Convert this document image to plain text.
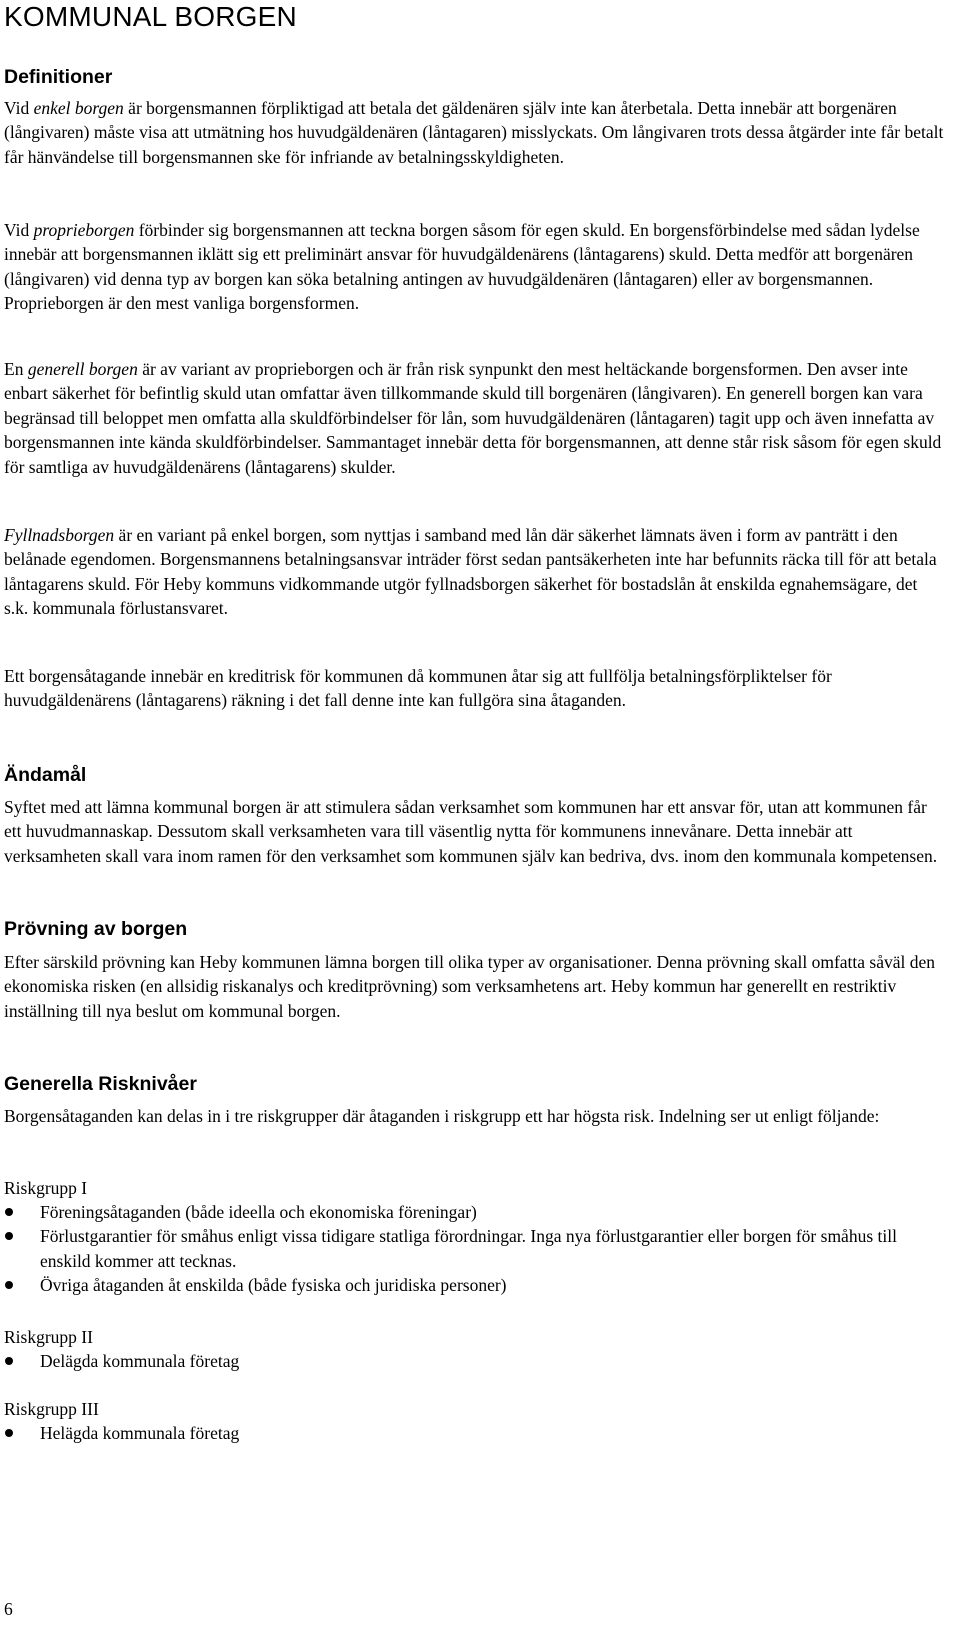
KOMMUNAL BORGEN
Definitioner

Vid enkel borgen är borgensmannen förpliktigad att betala det gäldenären själv inte kan återbetala. Detta innebär att borgenären (långivaren) måste visa att utmätning hos huvudgäldenären (låntagaren) misslyckats. Om långivaren trots dessa åtgärder inte får betalt får hänvändelse till borgensmannen ske för infriande av betalningsskyldigheten.

Vid proprieborgen förbinder sig borgensmannen att teckna borgen såsom för egen skuld. En borgensförbindelse med sådan lydelse innebär att borgensmannen iklätt sig ett preliminärt ansvar för huvudgäldenärens (låntagarens) skuld. Detta medför att borgenären (långivaren) vid denna typ av borgen kan söka betalning antingen av huvudgäldenären (låntagaren) eller av borgensmannen. Proprieborgen är den mest vanliga borgensformen.

En generell borgen är av variant av proprieborgen och är från risk synpunkt den mest heltäckande borgensformen. Den avser inte enbart säkerhet för befintlig skuld utan omfattar även tillkommande skuld till borgenären (långivaren). En generell borgen kan vara begränsad till beloppet men omfatta alla skuldförbindelser för lån, som huvudgäldenären (låntagaren) tagit upp och även innefatta av borgensmannen inte kända skuldförbindelser. Sammantaget innebär detta för borgensmannen, att denne står risk såsom för egen skuld för samtliga av huvudgäldenärens (låntagarens) skulder.

Fyllnadsborgen är en variant på enkel borgen, som nyttjas i samband med lån där säkerhet lämnats även i form av panträtt i den belånade egendomen. Borgensmannens betalningsansvar inträder först sedan pantsäkerheten inte har befunnits räcka till för att betala låntagarens skuld. För Heby kommuns vidkommande utgör fyllnadsborgen säkerhet för bostadslån åt enskilda egnahemsägare, det s.k. kommunala förlustansvaret.

Ett borgensåtagande innebär en kreditrisk för kommunen då kommunen åtar sig att fullfölja betalningsförpliktelser för huvudgäldenärens (låntagarens) räkning i det fall denne inte kan fullgöra sina åtaganden.

Ändamål

Syftet med att lämna kommunal borgen är att stimulera sådan verksamhet som kommunen har ett ansvar för, utan att kommunen får ett huvudmannaskap. Dessutom skall verksamheten vara till väsentlig nytta för kommunens innevånare. Detta innebär att verksamheten skall vara inom ramen för den verksamhet som kommunen själv kan bedriva, dvs. inom den kommunala kompetensen.

Prövning av borgen

Efter särskild prövning kan Heby kommunen lämna borgen till olika typer av organisationer. Denna prövning skall omfatta såväl den ekonomiska risken (en allsidig riskanalys och kreditprövning) som verksamhetens art. Heby kommun har generellt en restriktiv inställning till nya beslut om kommunal borgen.

Generella Risknivåer

Borgensåtaganden kan delas in i tre riskgrupper där åtaganden i riskgrupp ett har högsta risk. Indelning ser ut enligt följande:

Riskgrupp I

Föreningsåtaganden (både ideella och ekonomiska föreningar)
Förlustgarantier för småhus enligt vissa tidigare statliga förordningar. Inga nya förlustgarantier eller borgen för småhus till enskild kommer att tecknas.
Övriga åtaganden åt enskilda (både fysiska och juridiska personer)

Riskgrupp II

Delägda kommunala företag

Riskgrupp III

Helägda kommunala företag
6
